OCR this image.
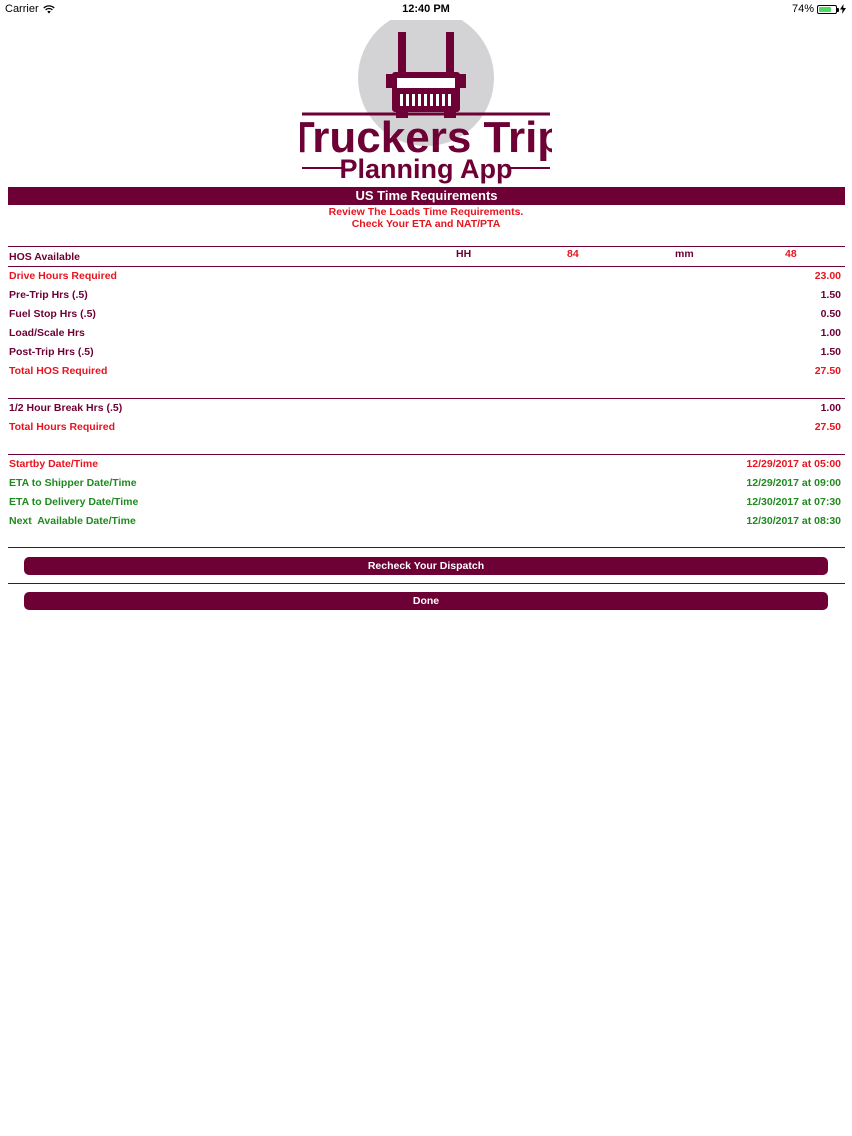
Carrier	12:40 PM	74%
Truckers Trip
Planning App
US Time Requirements
Review The Loads Time Requirements.
Check Your ETA and NAT/PTA
HOS Available	HH	84	mm	48
Drive Hours Required	23.00
Pre-Trip Hrs (.5)	1.50
Fuel Stop Hrs (.5)	0.50
Load/Scale Hrs	1.00
Post-Trip Hrs (.5)	1.50
Total HOS Required	27.50
1/2 Hour Break Hrs (.5)	1.00
Total Hours Required	27.50
Startby Date/Time	12/29/2017 at 05:00
ETA to Shipper Date/Time	12/29/2017 at 09:00
ETA to Delivery Date/Time	12/30/2017 at 07:30
Next  Available Date/Time	12/30/2017 at 08:30
Recheck Your Dispatch
Done
